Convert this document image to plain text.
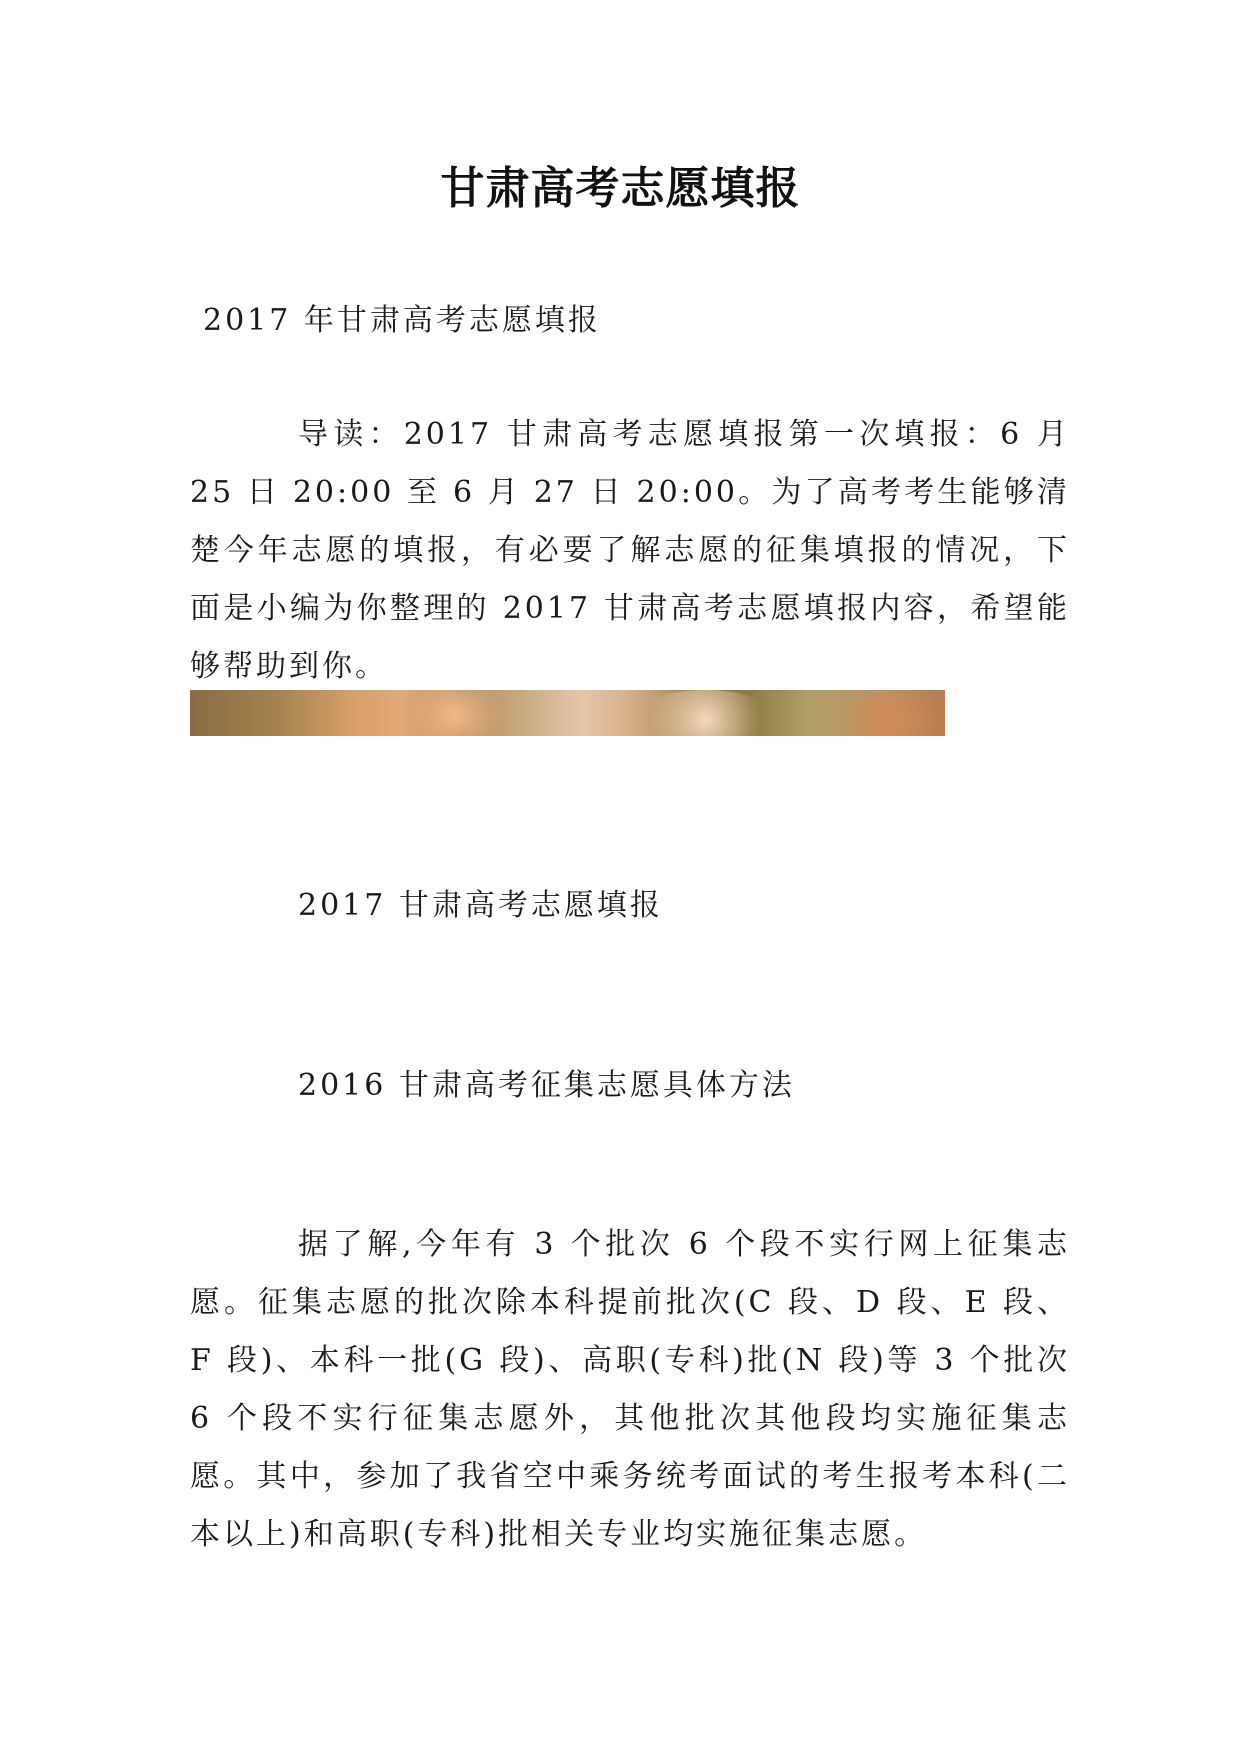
甘肃高考志愿填报

2017 年甘肃高考志愿填报

导读：2017 甘肃高考志愿填报第一次填报：6 月 25 日 20:00 至 6 月 27 日 20:00。为了高考考生能够清楚今年志愿的填报，有必要了解志愿的征集填报的情况，下面是小编为你整理的 2017 甘肃高考志愿填报内容，希望能够帮助到你。

2017 甘肃高考志愿填报

2016 甘肃高考征集志愿具体方法

据了解,今年有 3 个批次 6 个段不实行网上征集志愿。征集志愿的批次除本科提前批次(C 段、D 段、E 段、F 段)、本科一批(G 段)、高职(专科)批(N 段)等 3 个批次 6 个段不实行征集志愿外，其他批次其他段均实施征集志愿。其中，参加了我省空中乘务统考面试的考生报考本科(二本以上)和高职(专科)批相关专业均实施征集志愿。
